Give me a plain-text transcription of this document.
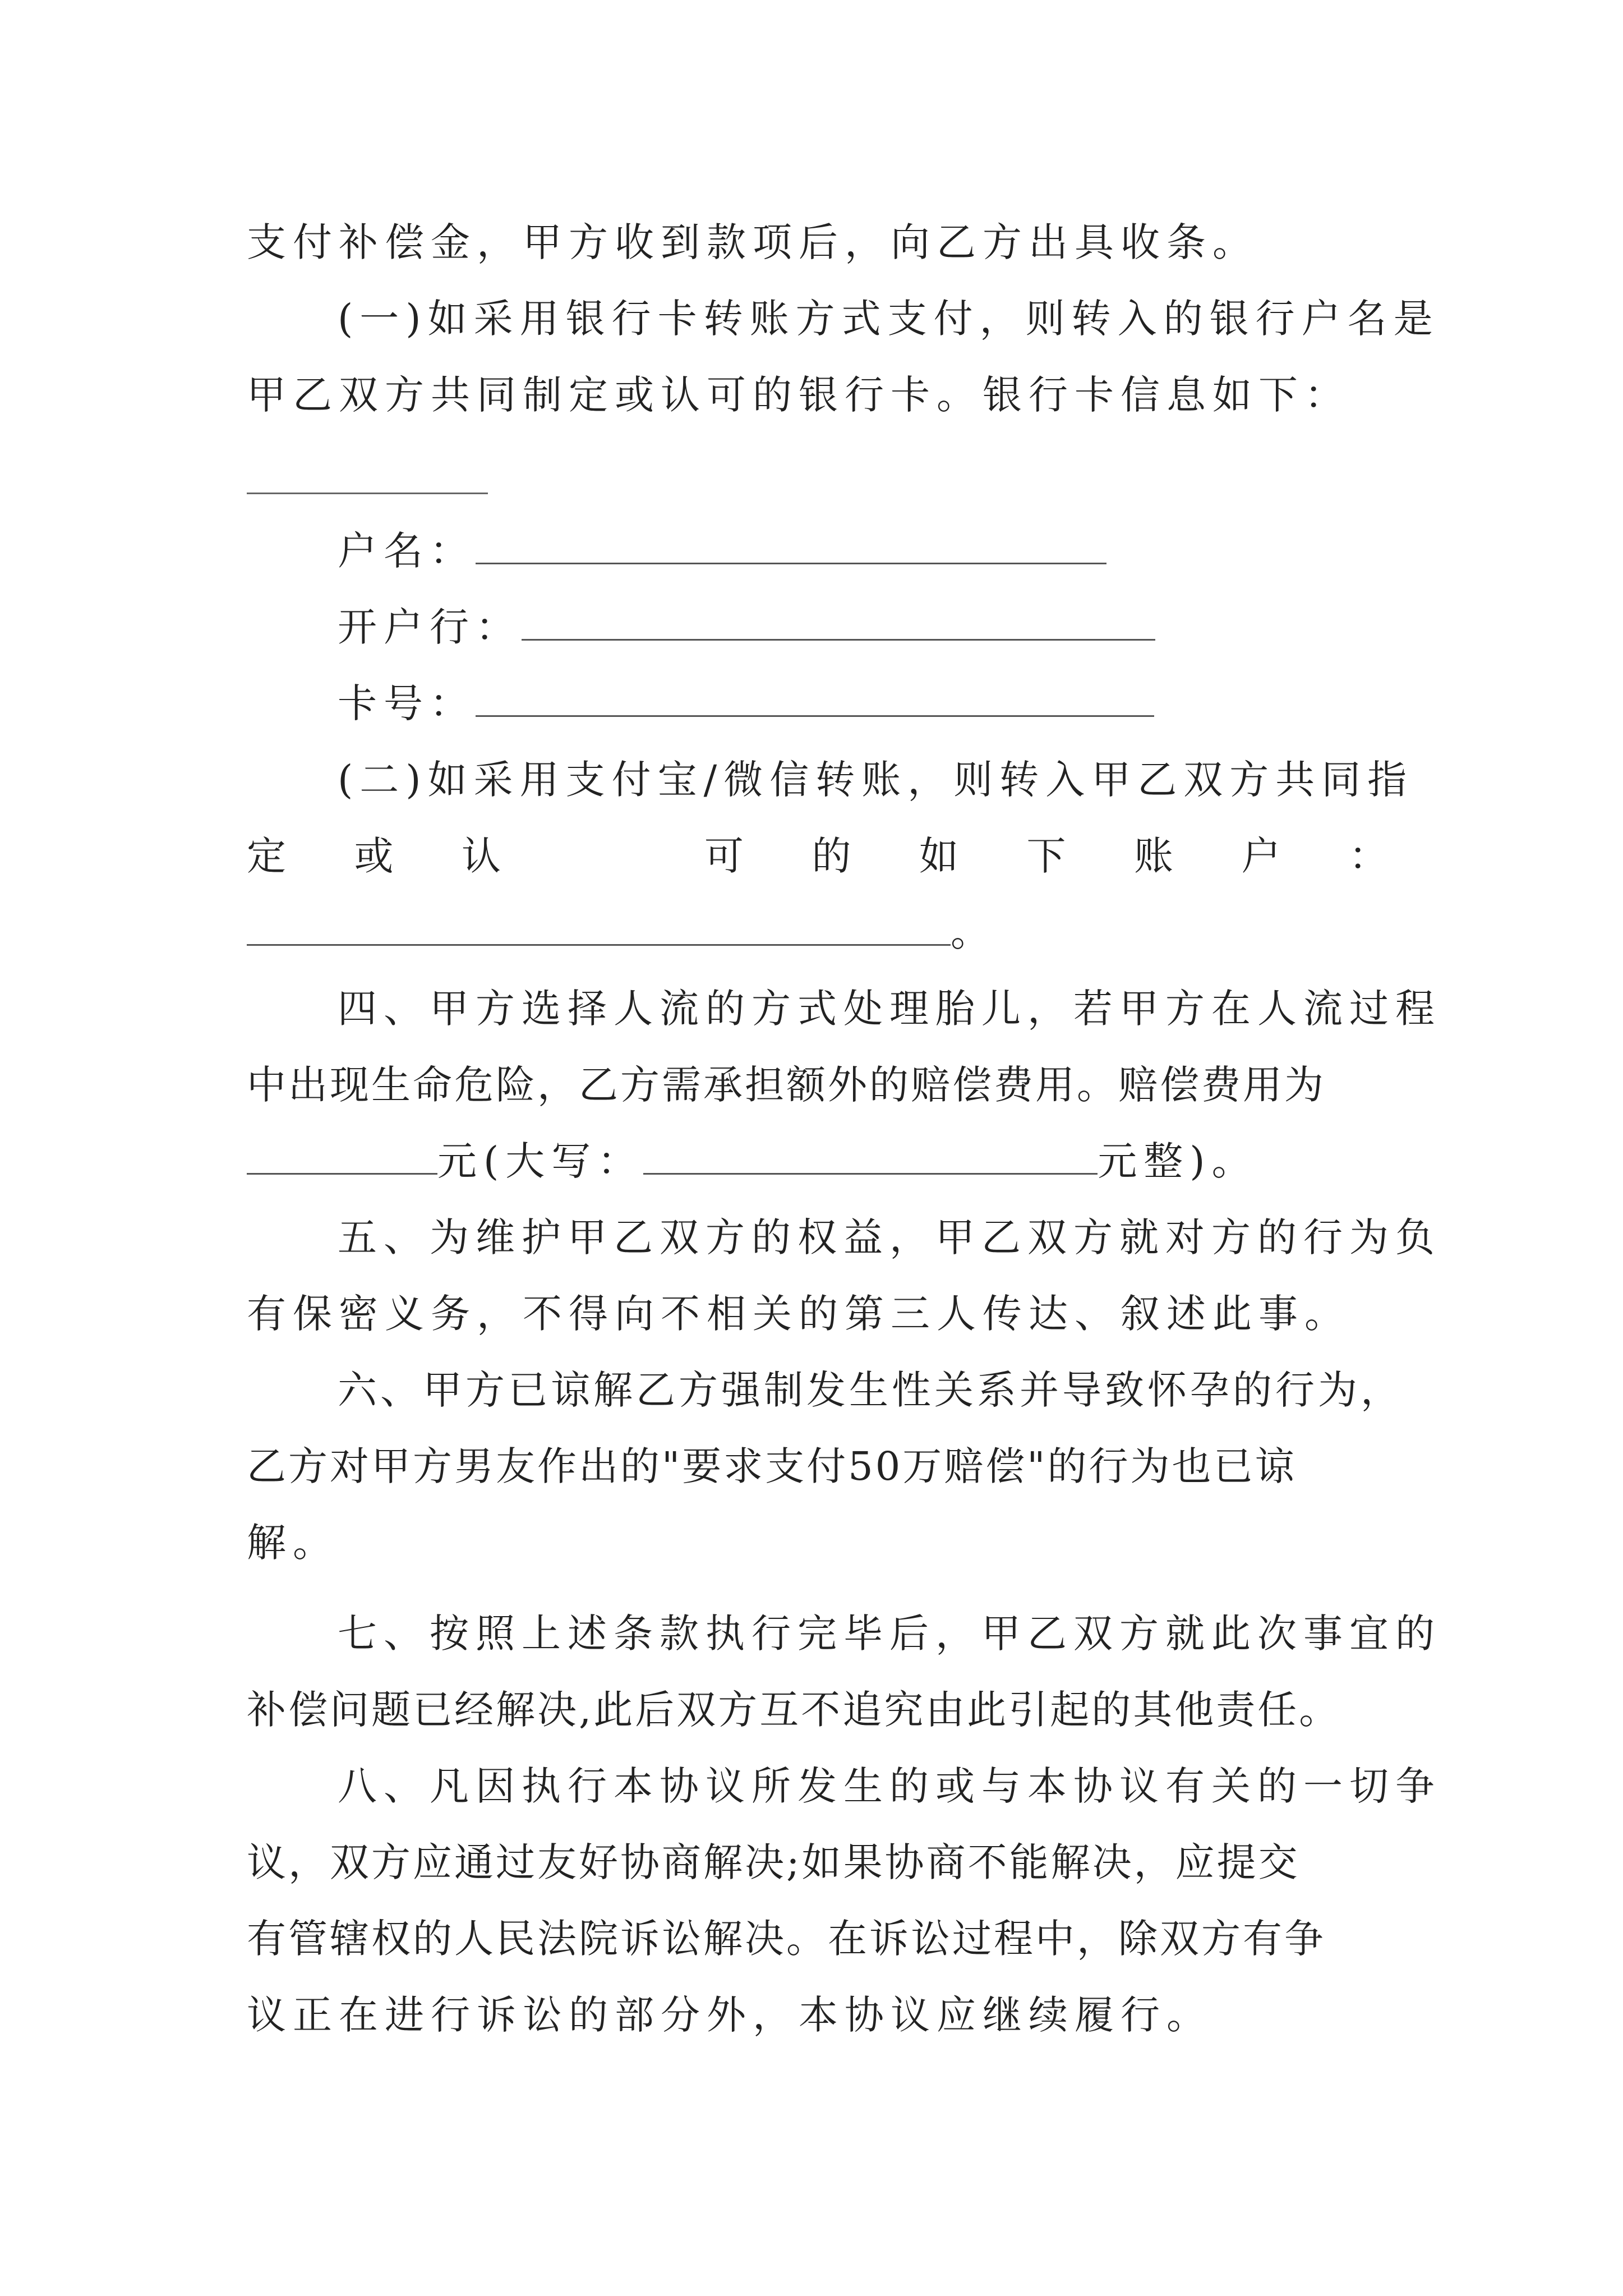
支付补偿金，甲方收到款项后，向乙方出具收条。
(一)如采用银行卡转账方式支付，则转入的银行户名是
甲乙双方共同制定或认可的银行卡。银行卡信息如下：
户名：
开户行：
卡号：
(二)如采用支付宝/微信转账，则转入甲乙双方共同指
定 或 认	可 的 如 下 账 户 ：
。
四、甲方选择人流的方式处理胎儿，若甲方在人流过程
中出现生命危险，乙方需承担额外的赔偿费用。赔偿费用为
元(大写：	元整)。
五、为维护甲乙双方的权益，甲乙双方就对方的行为负
有保密义务，不得向不相关的第三人传达、叙述此事。
六、甲方已谅解乙方强制发生性关系并导致怀孕的行为，
乙方对甲方男友作出的"要求支付50万赔偿"的行为也已谅
解。
七、按照上述条款执行完毕后，甲乙双方就此次事宜的
补偿问题已经解决,此后双方互不追究由此引起的其他责任。
八、凡因执行本协议所发生的或与本协议有关的一切争
议，双方应通过友好协商解决;如果协商不能解决，应提交
有管辖权的人民法院诉讼解决。在诉讼过程中，除双方有争
议正在进行诉讼的部分外，本协议应继续履行。
